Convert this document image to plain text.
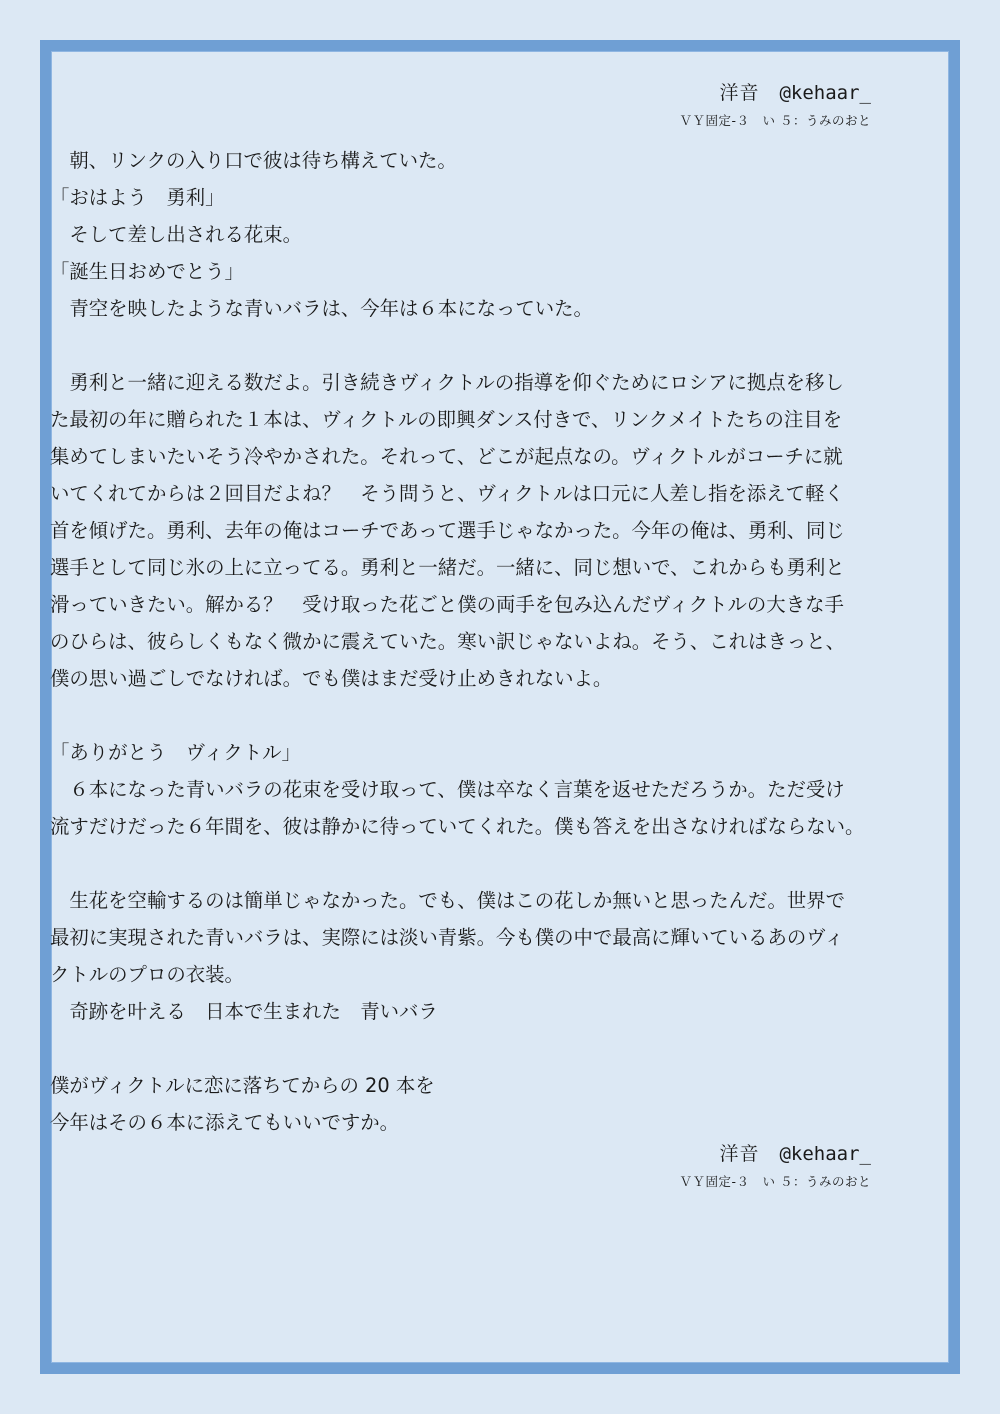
洋音 @kehaar_

ＶＹ固定-３　い ５：うみのおと

　朝、リンクの入り口で彼は待ち構えていた。

「おはよう　勇利」

　そして差し出される花束。

「誕生日おめでとう」

　青空を映したような青いバラは、今年は６本になっていた。

　勇利と一緒に迎える数だよ。引き続きヴィクトルの指導を仰ぐためにロシアに拠点を移し

た最初の年に贈られた１本は、ヴィクトルの即興ダンス付きで、リンクメイトたちの注目を

集めてしまいたいそう冷やかされた。それって、どこが起点なの。ヴィクトルがコーチに就

いてくれてからは２回目だよね？　そう問うと、ヴィクトルは口元に人差し指を添えて軽く

首を傾げた。勇利、去年の俺はコーチであって選手じゃなかった。今年の俺は、勇利、同じ

選手として同じ氷の上に立ってる。勇利と一緒だ。一緒に、同じ想いで、これからも勇利と

滑っていきたい。解かる？　受け取った花ごと僕の両手を包み込んだヴィクトルの大きな手

のひらは、彼らしくもなく微かに震えていた。寒い訳じゃないよね。そう、これはきっと、

僕の思い過ごしでなければ。でも僕はまだ受け止めきれないよ。

「ありがとう　ヴィクトル」

　６本になった青いバラの花束を受け取って、僕は卒なく言葉を返せただろうか。ただ受け

流すだけだった６年間を、彼は静かに待っていてくれた。僕も答えを出さなければならない。

　生花を空輸するのは簡単じゃなかった。でも、僕はこの花しか無いと思ったんだ。世界で

最初に実現された青いバラは、実際には淡い青紫。今も僕の中で最高に輝いているあのヴィ

クトルのプロの衣装。

　奇跡を叶える　日本で生まれた　青いバラ

僕がヴィクトルに恋に落ちてからの 20 本を

今年はその６本に添えてもいいですか。

洋音 @kehaar_

ＶＹ固定-３　い ５：うみのおと
